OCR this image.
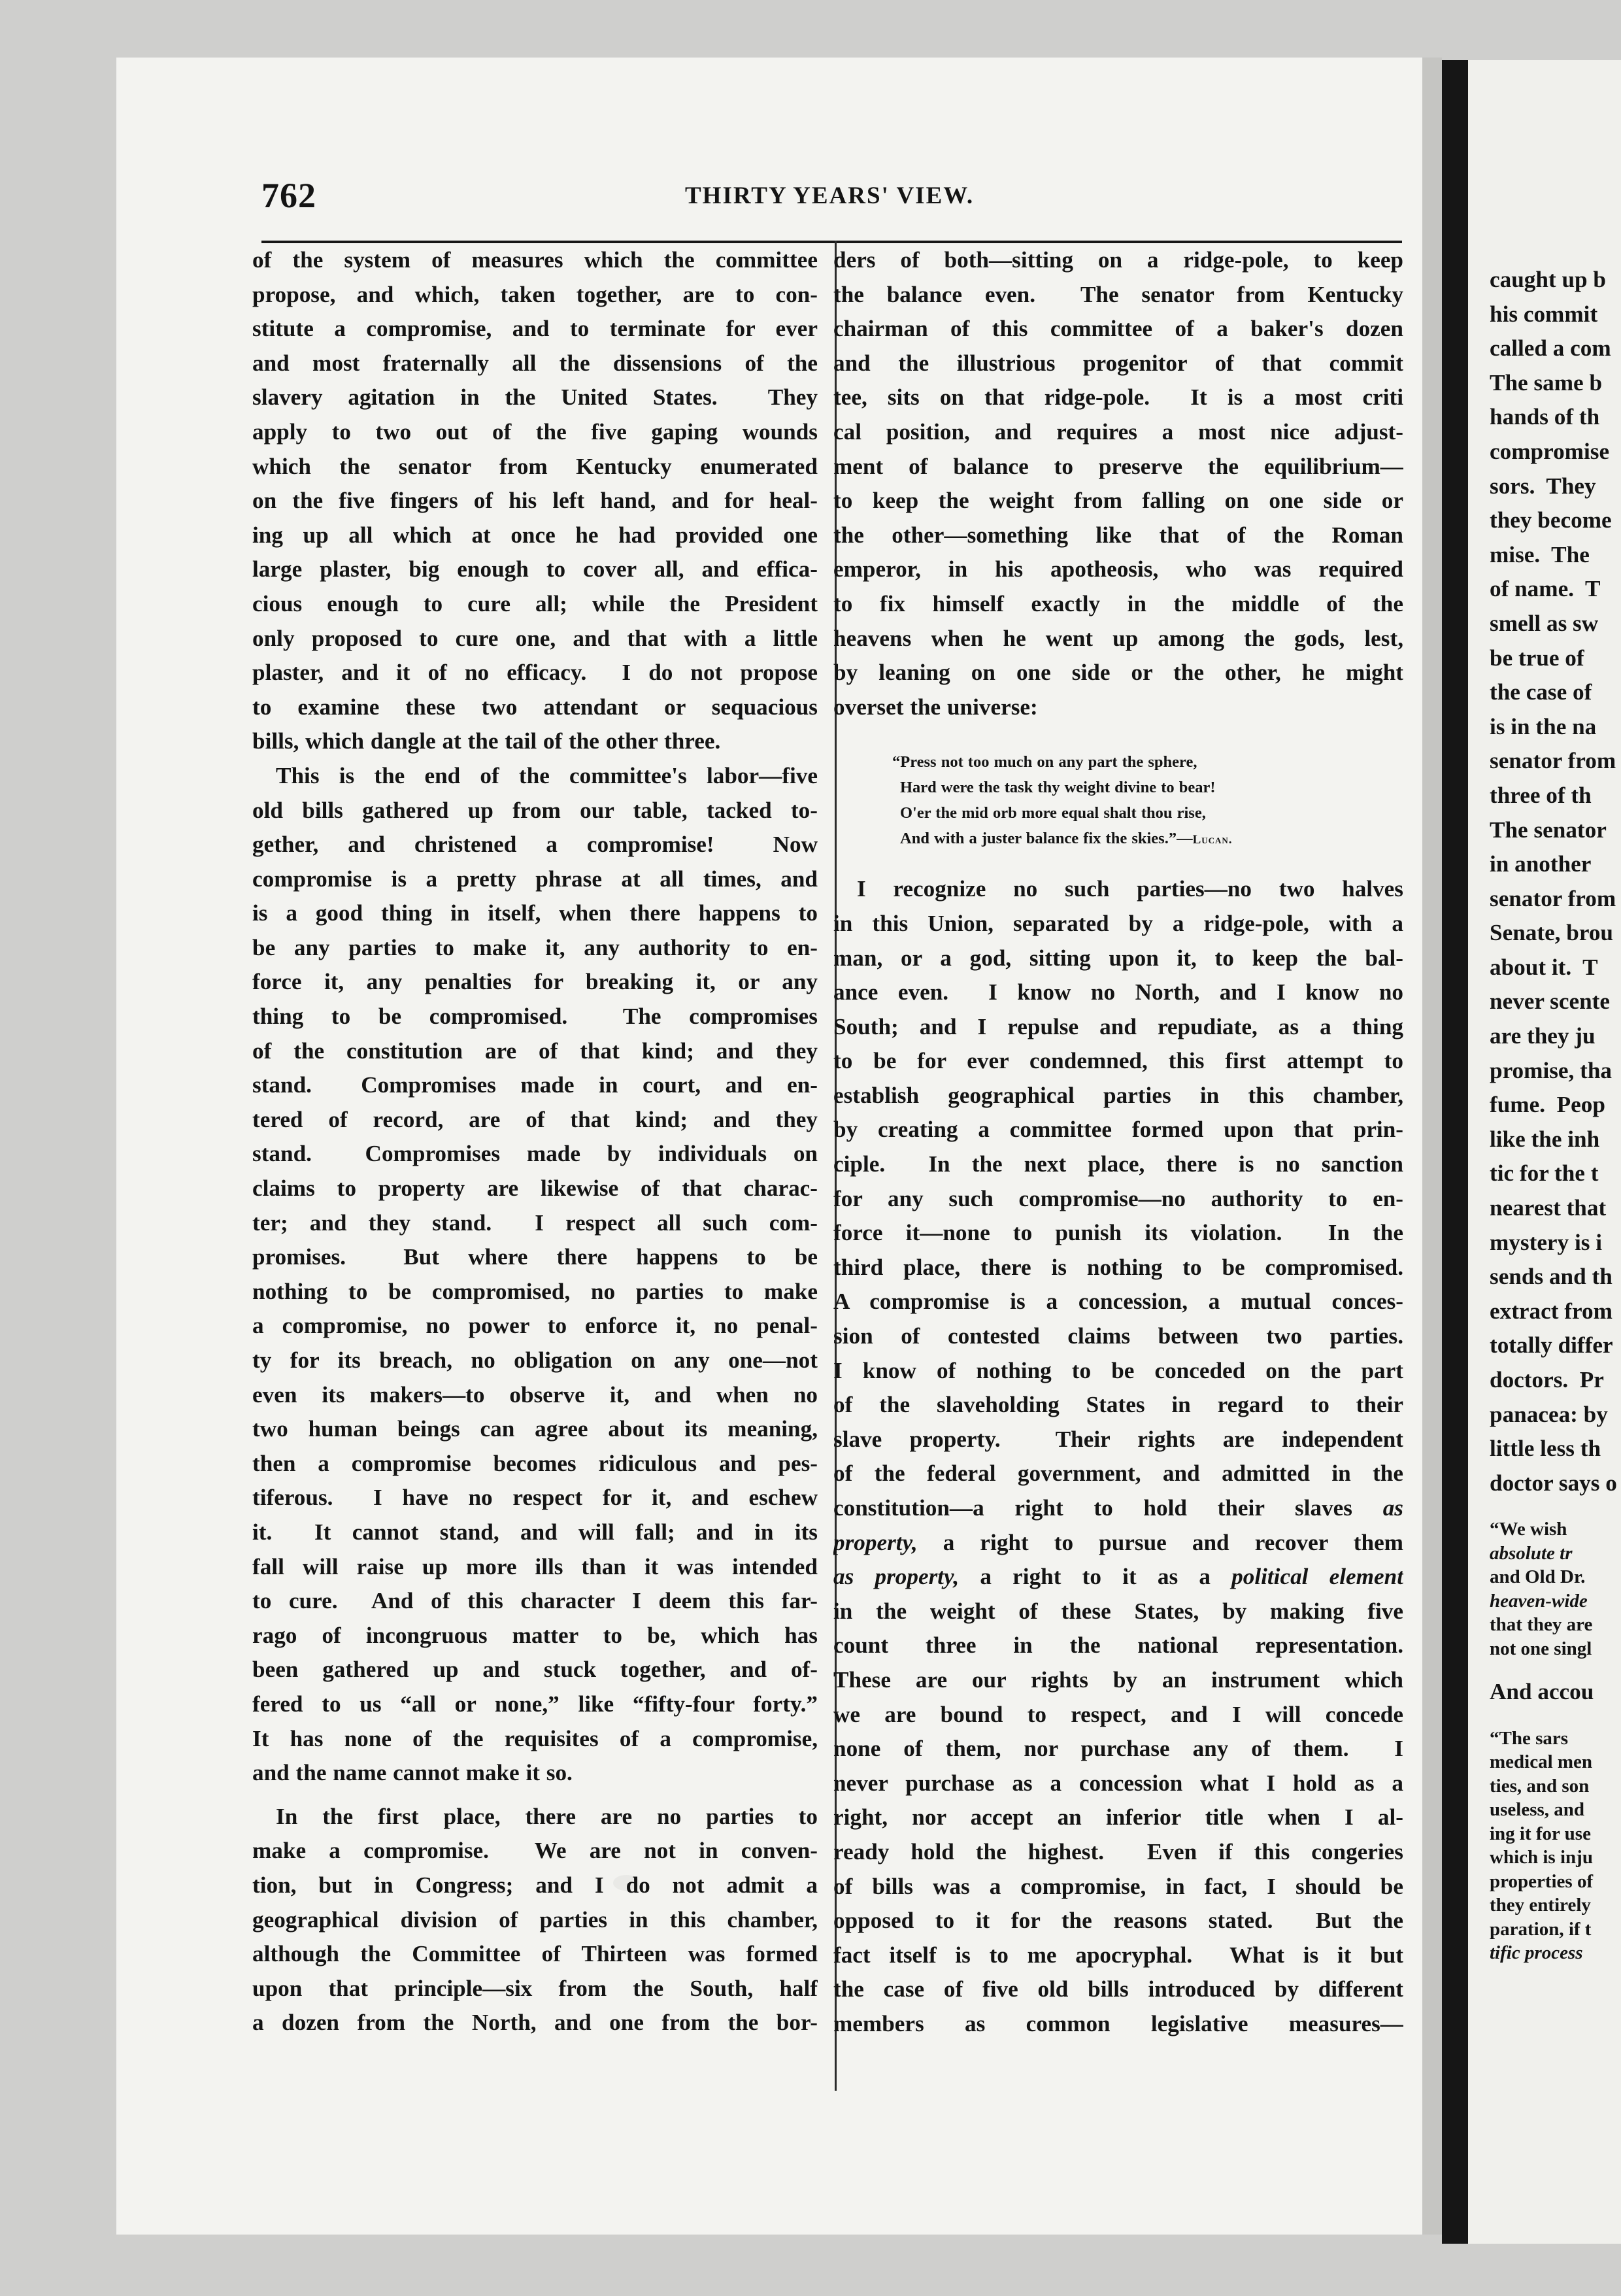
762	THIRTY YEARS' VIEW.
of the system of measures which the committee
propose, and which, taken together, are to con-
stitute a compromise, and to terminate for ever
and most fraternally all the dissensions of the
slavery agitation in the United States.  They
apply to two out of the five gaping wounds
which the senator from Kentucky enumerated
on the five fingers of his left hand, and for heal-
ing up all which at once he had provided one
large plaster, big enough to cover all, and effica-
cious enough to cure all; while the President
only proposed to cure one, and that with a little
plaster, and it of no efficacy.  I do not propose
to examine these two attendant or sequacious
bills, which dangle at the tail of the other three.
This is the end of the committee's labor—five
old bills gathered up from our table, tacked to-
gether, and christened a compromise!  Now
compromise is a pretty phrase at all times, and
is a good thing in itself, when there happens to
be any parties to make it, any authority to en-
force it, any penalties for breaking it, or any
thing to be compromised.  The compromises
of the constitution are of that kind; and they
stand.  Compromises made in court, and en-
tered of record, are of that kind; and they
stand.  Compromises made by individuals on
claims to property are likewise of that charac-
ter; and they stand.  I respect all such com-
promises.  But where there happens to be
nothing to be compromised, no parties to make
a compromise, no power to enforce it, no penal-
ty for its breach, no obligation on any one—not
even its makers—to observe it, and when no
two human beings can agree about its meaning,
then a compromise becomes ridiculous and pes-
tiferous.  I have no respect for it, and eschew
it.  It cannot stand, and will fall; and in its
fall will raise up more ills than it was intended
to cure.  And of this character I deem this far-
rago of incongruous matter to be, which has
been gathered up and stuck together, and of-
fered to us “all or none,” like “fifty-four forty.”
It has none of the requisites of a compromise,
and the name cannot make it so.
In the first place, there are no parties to
make a compromise.  We are not in conven-
tion, but in Congress; and I do not admit a
geographical division of parties in this chamber,
although the Committee of Thirteen was formed
upon that principle—six from the South, half
a dozen from the North, and one from the bor-
ders of both—sitting on a ridge-pole, to keep
the balance even.  The senator from Kentucky
chairman of this committee of a baker's dozen
and the illustrious progenitor of that commit
tee, sits on that ridge-pole.  It is a most criti
cal position, and requires a most nice adjust-
ment of balance to preserve the equilibrium—
to keep the weight from falling on one side or
the other—something like that of the Roman
emperor, in his apotheosis, who was required
to fix himself exactly in the middle of the
heavens when he went up among the gods, lest,
by leaning on one side or the other, he might
overset the universe:
“Press not too much on any part the sphere,
Hard were the task thy weight divine to bear!
O'er the mid orb more equal shalt thou rise,
And with a juster balance fix the skies.”—Lucan.
I recognize no such parties—no two halves
in this Union, separated by a ridge-pole, with a
man, or a god, sitting upon it, to keep the bal-
ance even.  I know no North, and I know no
South; and I repulse and repudiate, as a thing
to be for ever condemned, this first attempt to
establish geographical parties in this chamber,
by creating a committee formed upon that prin-
ciple.  In the next place, there is no sanction
for any such compromise—no authority to en-
force it—none to punish its violation.  In the
third place, there is nothing to be compromised.
A compromise is a concession, a mutual conces-
sion of contested claims between two parties.
I know of nothing to be conceded on the part
of the slaveholding States in regard to their
slave property.  Their rights are independent
of the federal government, and admitted in the
constitution—a right to hold their slaves as
property, a right to pursue and recover them
as property, a right to it as a political element
in the weight of these States, by making five
count three in the national representation.
These are our rights by an instrument which
we are bound to respect, and I will concede
none of them, nor purchase any of them.  I
never purchase as a concession what I hold as a
right, nor accept an inferior title when I al-
ready hold the highest.  Even if this congeries
of bills was a compromise, in fact, I should be
opposed to it for the reasons stated.  But the
fact itself is to me apocryphal.  What is it but
the case of five old bills introduced by different
members as common legislative measures—
caught up b
his commit
called a com
The same b
hands of th
compromise
sors.  They
they become
mise.  The
of name.  T
smell as sw
be true of
the case of
is in the na
senator from
three of th
The senator
in another
senator from
Senate, brou
about it.  T
never scente
are they ju
promise, tha
fume.  Peop
like the inh
tic for the t
nearest that
mystery is i
sends and th
extract from
totally differ
doctors.  Pr
panacea: by
little less th
doctor says o
“We wish
absolute tr
and Old Dr.
heaven-wide
that they are
not one singl
And accou
“The sars
medical men
ties, and son
useless, and
ing it for use
which is inju
properties of
they entirely
paration, if t
tific process
